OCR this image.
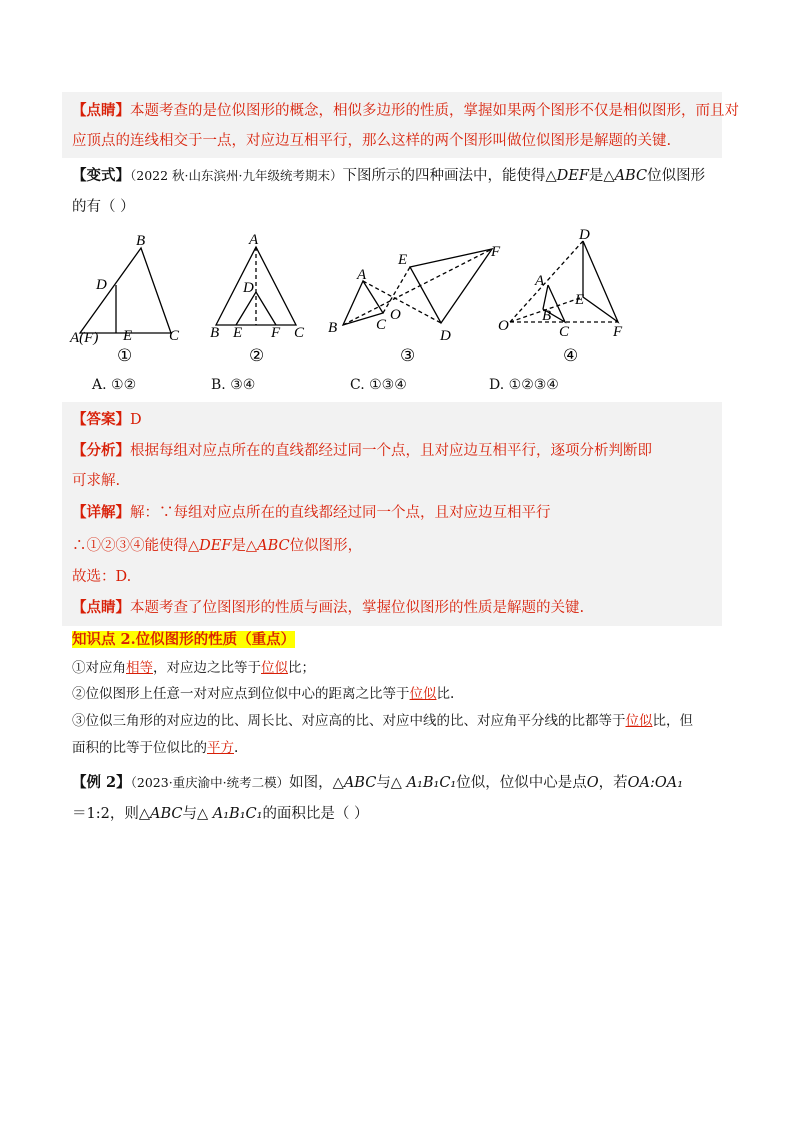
【点睛】本题考查的是位似图形的概念，相似多边形的性质，掌握如果两个图形不仅是相似图形，而且对
应顶点的连线相交于一点，对应边互相平行，那么这样的两个图形叫做位似图形是解题的关键.
【变式】（2022 秋·山东滨州·九年级统考期末）下图所示的四种画法中，能使得△DEF是△ABC位似图形
的有（ ）
B
D
A(F) E C
A
D
B E F C
A
E	F
O
B	C
D
D
A
E
B
O	C	F
①	②	③	④
A. ①②	B. ③④	C. ①③④	D. ①②③④
【答案】D
【分析】根据每组对应点所在的直线都经过同一个点，且对应边互相平行，逐项分析判断即
可求解.
【详解】解：∵每组对应点所在的直线都经过同一个点，且对应边互相平行
∴①②③④能使得△DEF是△ABC位似图形，
故选：D.
【点睛】本题考查了位图图形的性质与画法，掌握位似图形的性质是解题的关键.
知识点 2.位似图形的性质（重点）
①对应角相等，对应边之比等于位似比；
②位似图形上任意一对对应点到位似中心的距离之比等于位似比.
③位似三角形的对应边的比、周长比、对应高的比、对应中线的比、对应角平分线的比都等于位似比，但
面积的比等于位似比的平方.
【例 2】（2023·重庆渝中·统考二模）如图，△ABC与△ A₁B₁C₁位似，位似中心是点O，若OA:OA₁
＝1:2，则△ABC与△ A₁B₁C₁的面积比是（ ）
